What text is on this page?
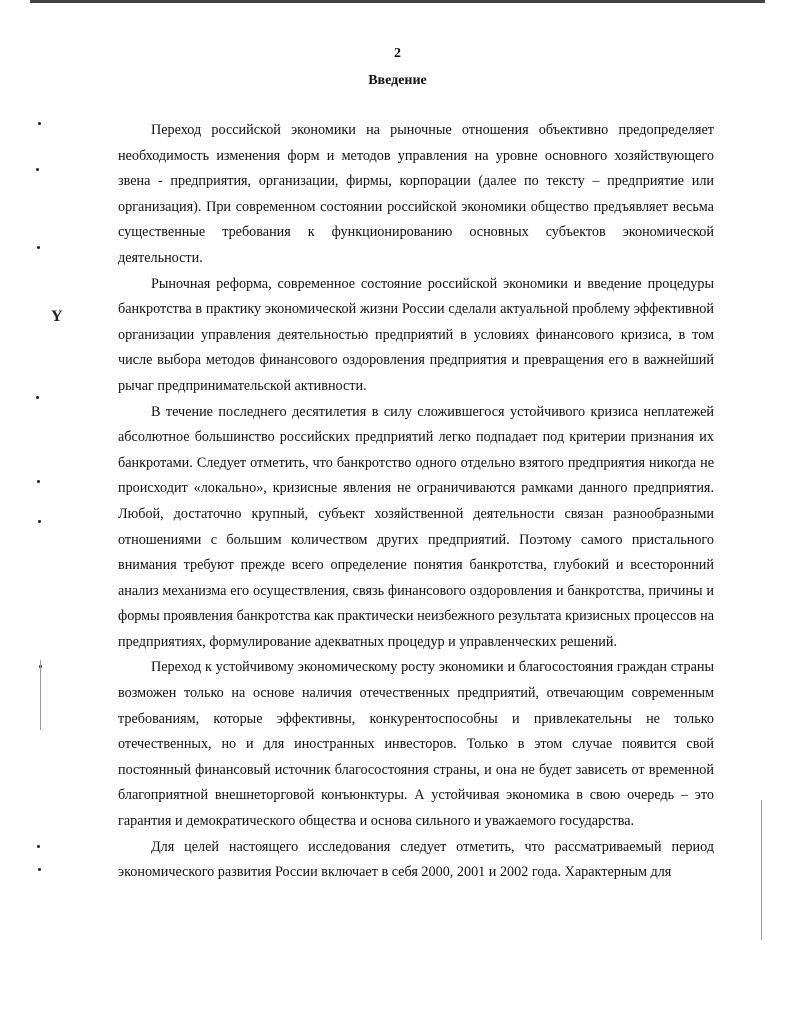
2
Введение

Переход российской экономики на рыночные отношения объективно предопределяет необходимость изменения форм и методов управления на уровне основного хозяйствующего звена - предприятия, организации, фирмы, корпорации (далее по тексту – предприятие или организация). При современном состоянии российской экономики общество предъявляет весьма существенные требования к функционированию основных субъектов экономической деятельности.

Рыночная реформа, современное состояние российской экономики и введение процедуры банкротства в практику экономической жизни России сделали актуальной проблему эффективной организации управления деятельностью предприятий в условиях финансового кризиса, в том числе выбора методов финансового оздоровления предприятия и превращения его в важнейший рычаг предпринимательской активности.

В течение последнего десятилетия в силу сложившегося устойчивого кризиса неплатежей абсолютное большинство российских предприятий легко подпадает под критерии признания их банкротами. Следует отметить, что банкротство одного отдельно взятого предприятия никогда не происходит «локально», кризисные явления не ограничиваются рамками данного предприятия. Любой, достаточно крупный, субъект хозяйственной деятельности связан разнообразными отношениями с большим количеством других предприятий. Поэтому самого пристального внимания требуют прежде всего определение понятия банкротства, глубокий и всесторонний анализ механизма его осуществления, связь финансового оздоровления и банкротства, причины и формы проявления банкротства как практически неизбежного результата кризисных процессов на предприятиях, формулирование адекватных процедур и управленческих решений.

Переход к устойчивому экономическому росту экономики и благосостояния граждан страны возможен только на основе наличия отечественных предприятий, отвечающим современным требованиям, которые эффективны, конкурентоспособны и привлекательны не только отечественных, но и для иностранных инвесторов. Только в этом случае появится свой постоянный финансовый источник благосостояния страны, и она не будет зависеть от временной благоприятной внешнеторговой конъюнктуры. А устойчивая экономика в свою очередь – это гарантия и демократического общества и основа сильного и уважаемого государства.

Для целей настоящего исследования следует отметить, что рассматриваемый период экономического развития России включает в себя 2000, 2001 и 2002 года. Характерным для

Y
